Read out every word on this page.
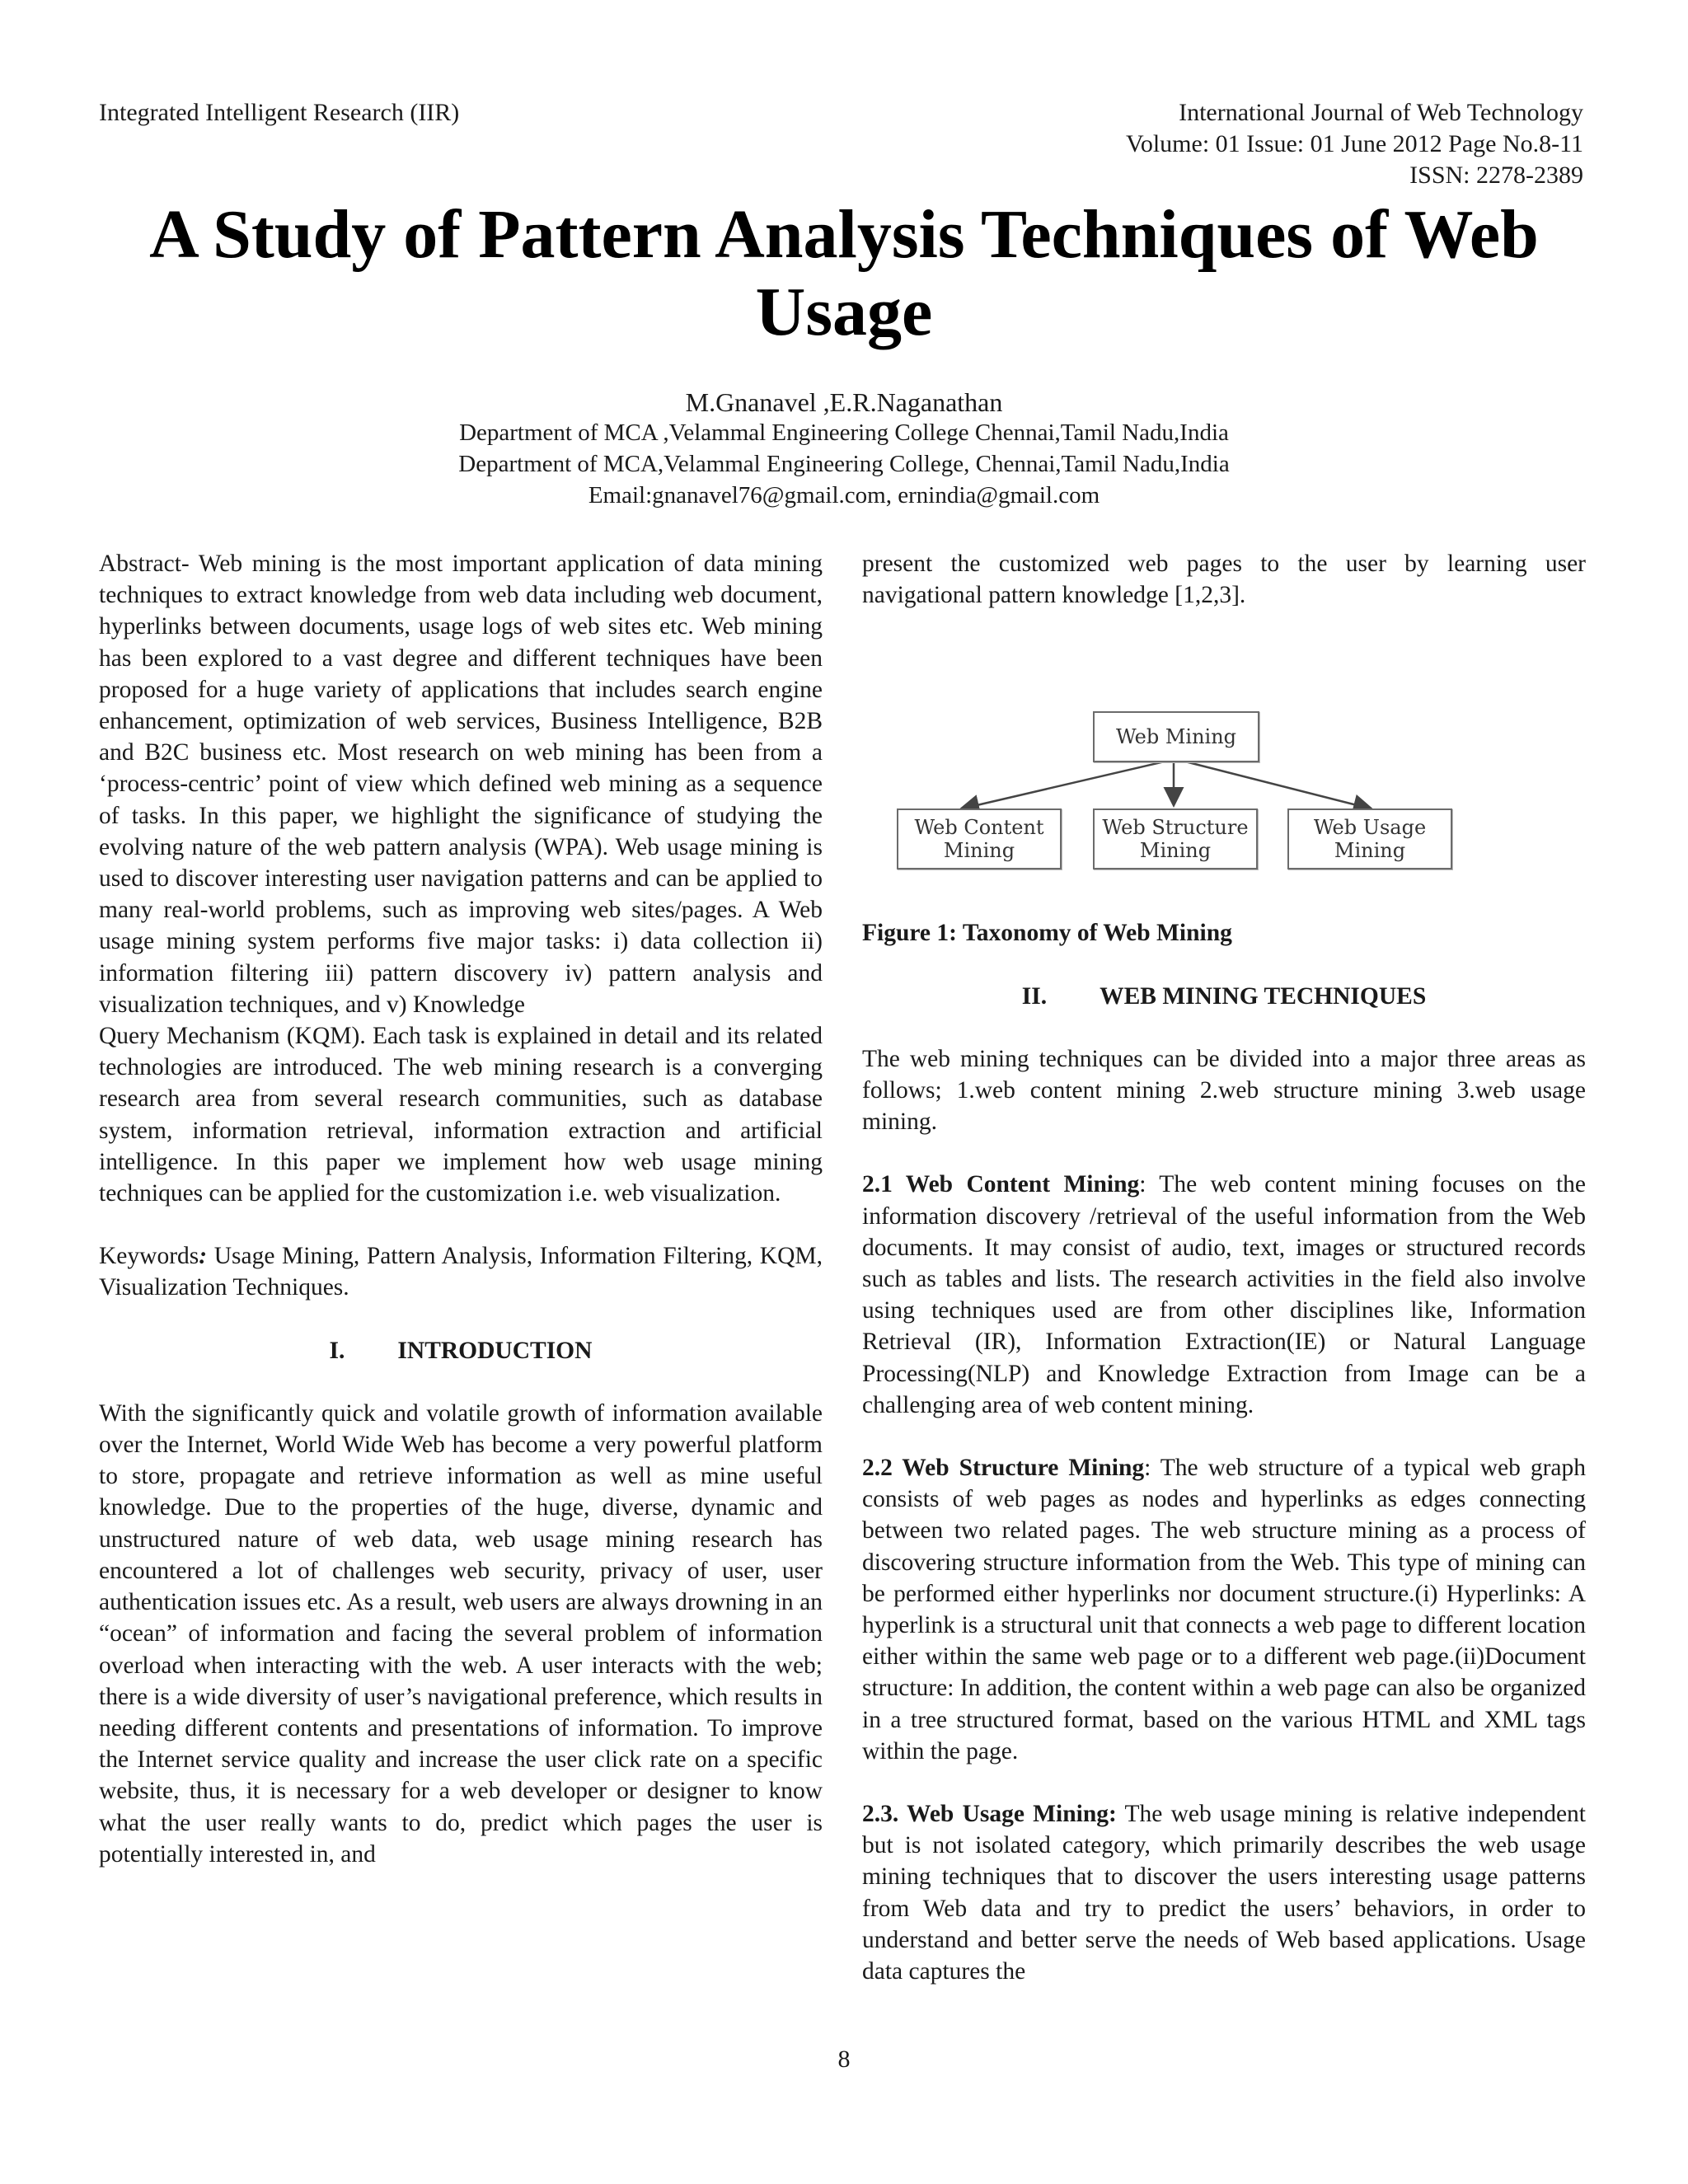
Integrated Intelligent Research (IIR)	International Journal of Web Technology
Volume: 01 Issue: 01 June 2012 Page No.8-11
ISSN: 2278-2389
A Study of Pattern Analysis Techniques of Web
Usage
M.Gnanavel ,E.R.Naganathan
Department of MCA ,Velammal Engineering College Chennai,Tamil Nadu,India
Department of MCA,Velammal Engineering College, Chennai,Tamil Nadu,India
Email:gnanavel76@gmail.com, ernindia@gmail.com

Abstract- Web mining is the most important application of data mining techniques to extract knowledge from web data including web document, hyperlinks between documents, usage logs of web sites etc. Web mining has been explored to a vast degree and different techniques have been proposed for a huge variety of applications that includes search engine enhancement, optimization of web services, Business Intelligence, B2B and B2C business etc. Most research on web mining has been from a ‘process-centric’ point of view which defined web mining as a sequence of tasks. In this paper, we highlight the significance of studying the evolving nature of the web pattern analysis (WPA). Web usage mining is used to discover interesting user navigation patterns and can be applied to many real-world problems, such as improving web sites/pages. A Web usage mining system performs five major tasks: i) data collection ii) information filtering iii) pattern discovery iv) pattern analysis and visualization techniques, and v) Knowledge

Query Mechanism (KQM). Each task is explained in detail and its related technologies are introduced. The web mining research is a converging research area from several research communities, such as database system, information retrieval, information extraction and artificial intelligence. In this paper we implement how web usage mining techniques can be applied for the customization i.e. web visualization.

Keywords: Usage Mining, Pattern Analysis, Information Filtering, KQM, Visualization Techniques.

I. INTRODUCTION

With the significantly quick and volatile growth of information available over the Internet, World Wide Web has become a very powerful platform to store, propagate and retrieve information as well as mine useful knowledge. Due to the properties of the huge, diverse, dynamic and unstructured nature of web data, web usage mining research has encountered a lot of challenges web security, privacy of user, user authentication issues etc. As a result, web users are always drowning in an “ocean” of information and facing the several problem of information overload when interacting with the web. A user interacts with the web; there is a wide diversity of user’s navigational preference, which results in needing different contents and presentations of information. To improve the Internet service quality and increase the user click rate on a specific website, thus, it is necessary for a web developer or designer to know what the user really wants to do, predict which pages the user is potentially interested in, and

present the customized web pages to the user by learning user navigational pattern knowledge [1,2,3].

Web Mining
Web Content
Mining
Web Structure
Mining
Web Usage
Mining

Figure 1: Taxonomy of Web Mining

II. WEB MINING TECHNIQUES

The web mining techniques can be divided into a major three areas as follows; 1.web content mining 2.web structure mining 3.web usage mining.

2.1 Web Content Mining: The web content mining focuses on the information discovery /retrieval of the useful information from the Web documents. It may consist of audio, text, images or structured records such as tables and lists. The research activities in the field also involve using techniques used are from other disciplines like, Information Retrieval (IR), Information Extraction(IE) or Natural Language Processing(NLP) and Knowledge Extraction from Image can be a challenging area of web content mining.

2.2 Web Structure Mining: The web structure of a typical web graph consists of web pages as nodes and hyperlinks as edges connecting between two related pages. The web structure mining as a process of discovering structure information from the Web. This type of mining can be performed either hyperlinks nor document structure.(i) Hyperlinks: A hyperlink is a structural unit that connects a web page to different location either within the same web page or to a different web page.(ii)Document structure: In addition, the content within a web page can also be organized in a tree structured format, based on the various HTML and XML tags within the page.

2.3. Web Usage Mining: The web usage mining is relative independent but is not isolated category, which primarily describes the web usage mining techniques that to discover the users interesting usage patterns from Web data and try to predict the users’ behaviors, in order to understand and better serve the needs of Web based applications. Usage data captures the

8
